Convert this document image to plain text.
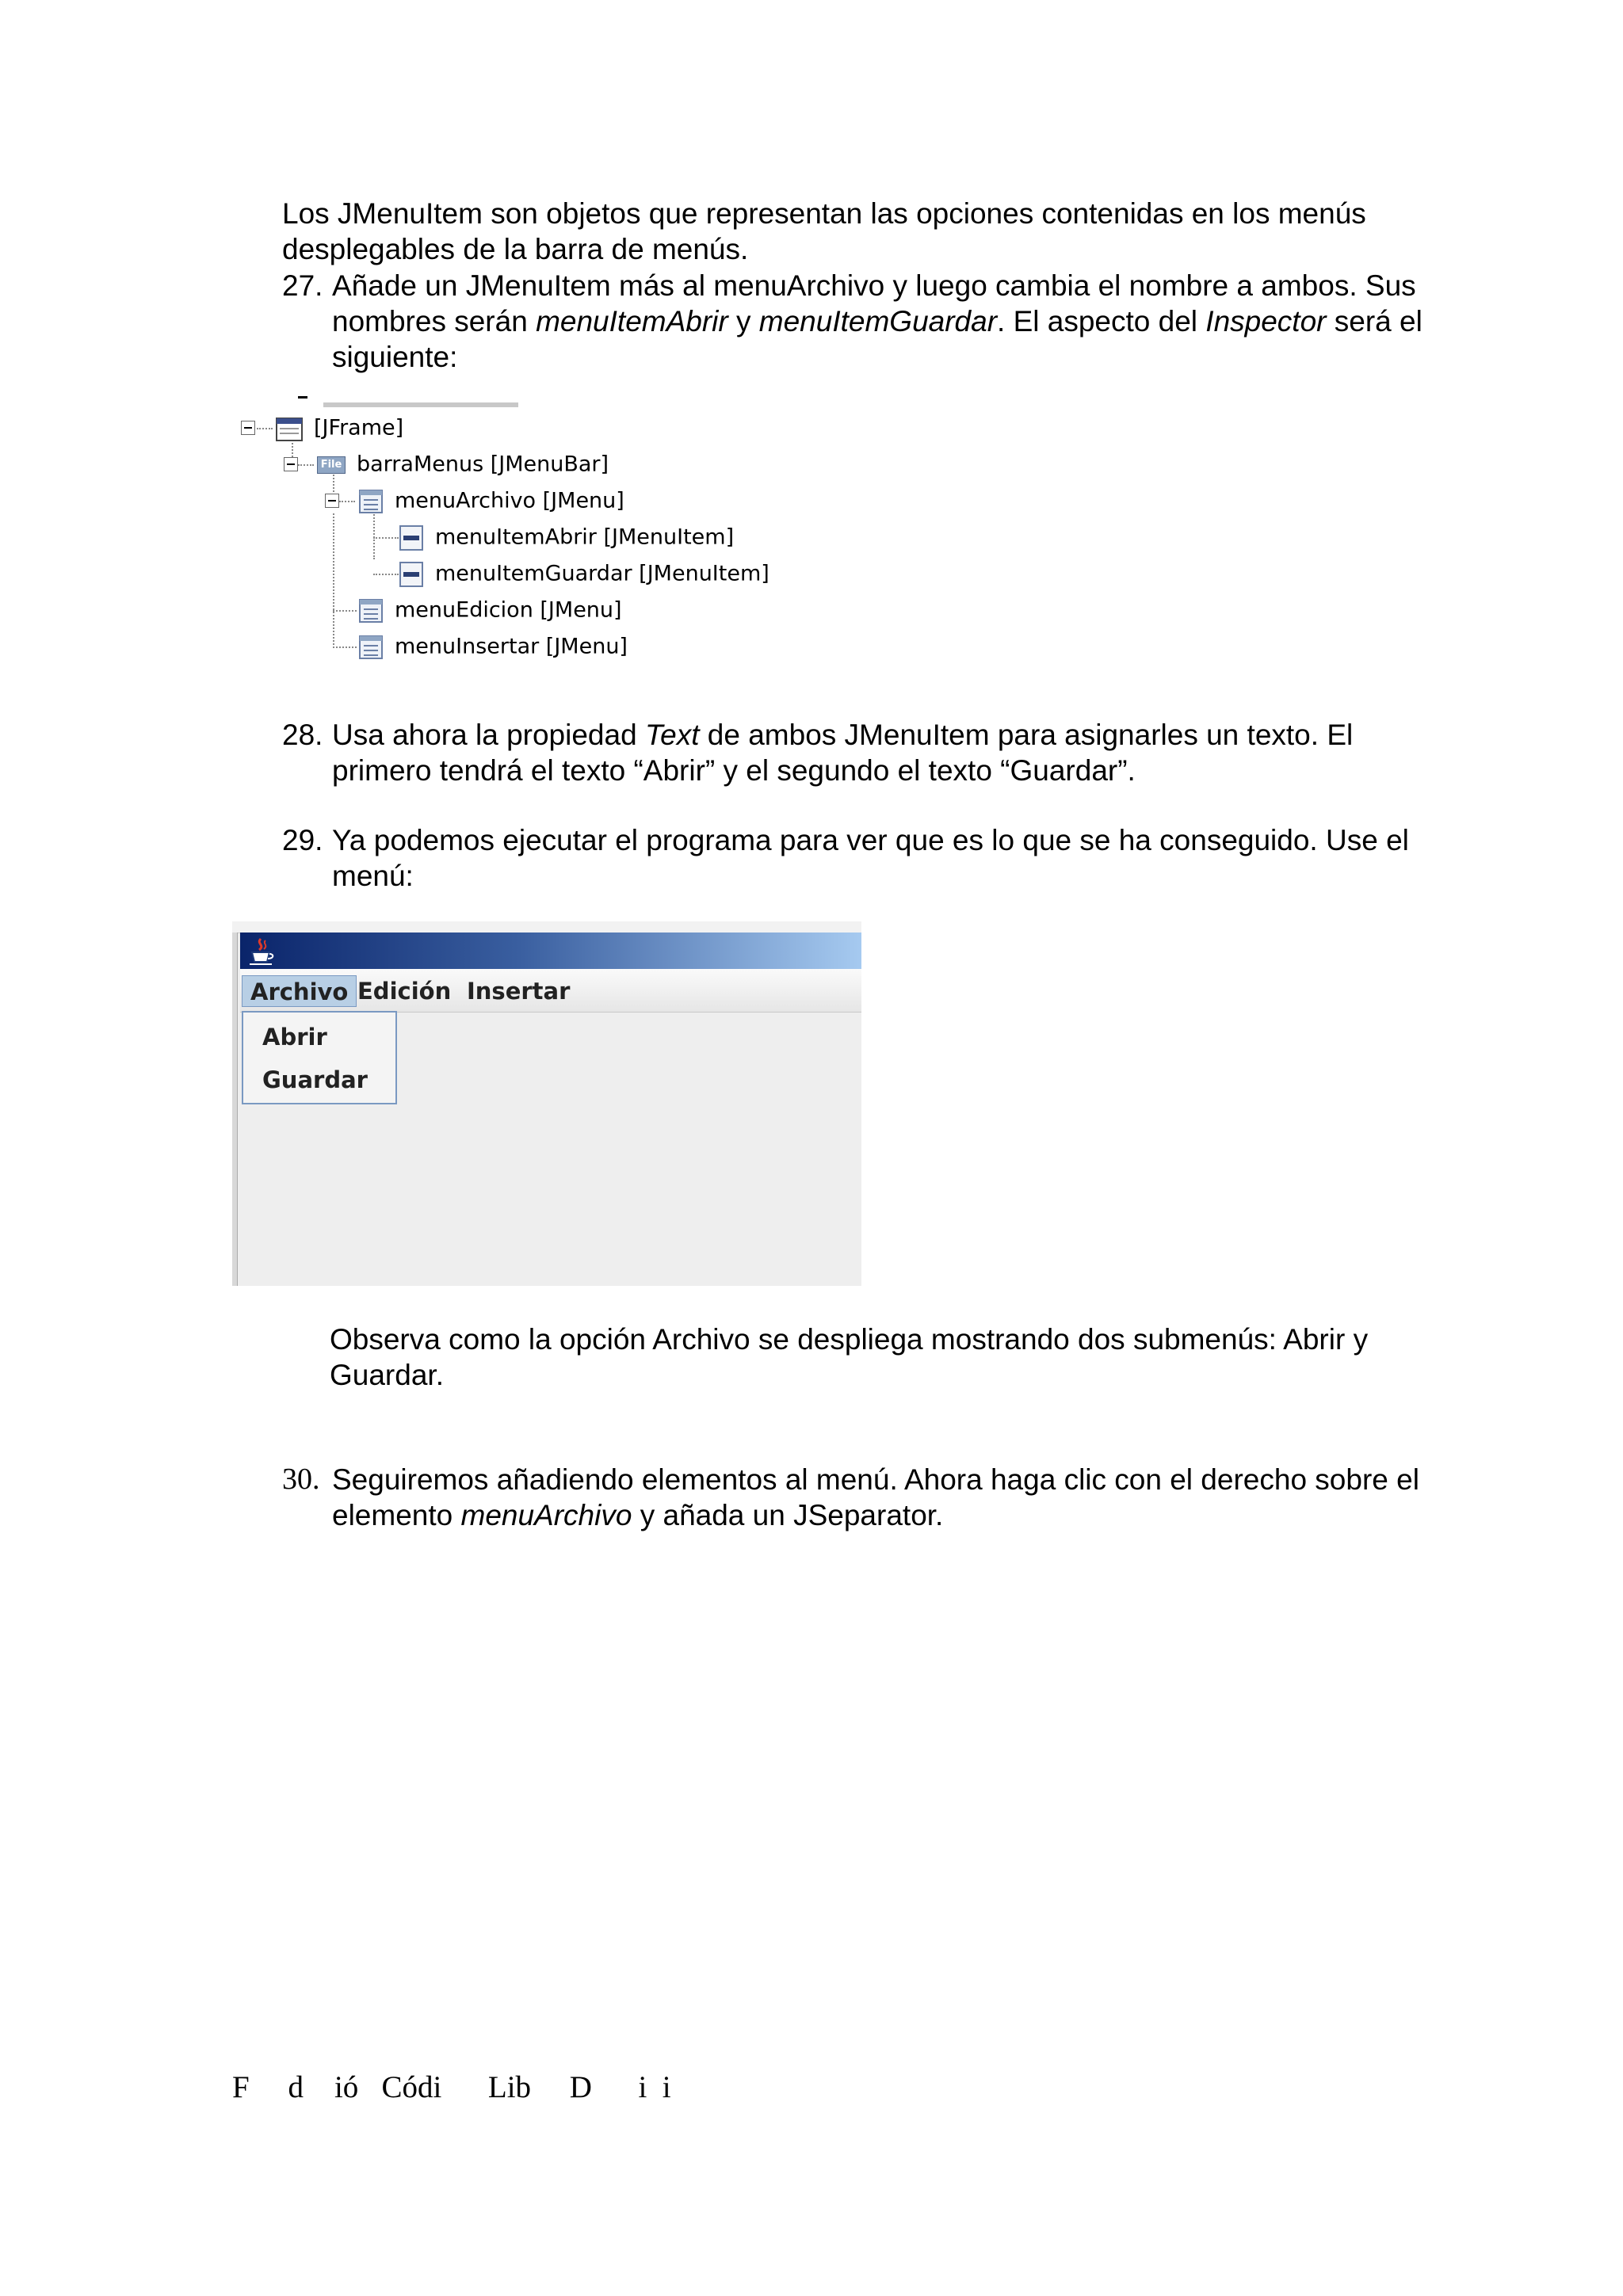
Los JMenuItem son objetos que representan las opciones contenidas en los menús desplegables de la barra de menús.
27. Añade un JMenuItem más al menuArchivo y luego cambia el nombre a ambos. Sus
nombres serán menuItemAbrir y menuItemGuardar. El aspecto del Inspector será el
siguiente:
[JFrame]
File barraMenus [JMenuBar]
menuArchivo [JMenu]
menuItemAbrir [JMenuItem]
menuItemGuardar [JMenuItem]
menuEdicion [JMenu]
menuInsertar [JMenu]
28. Usa ahora la propiedad Text de ambos JMenuItem para asignarles un texto. El
primero tendrá el texto “Abrir” y el segundo el texto “Guardar”.
29. Ya podemos ejecutar el programa para ver que es lo que se ha conseguido. Use el
menú:
Archivo Edición Insertar
Abrir
Guardar
Observa como la opción Archivo se despliega mostrando dos submenús: Abrir y
Guardar.
30. Seguiremos añadiendo elementos al menú. Ahora haga clic con el derecho sobre el
elemento menuArchivo y añada un JSeparator.
F     d    ió   Códi      Lib     D      i  i
